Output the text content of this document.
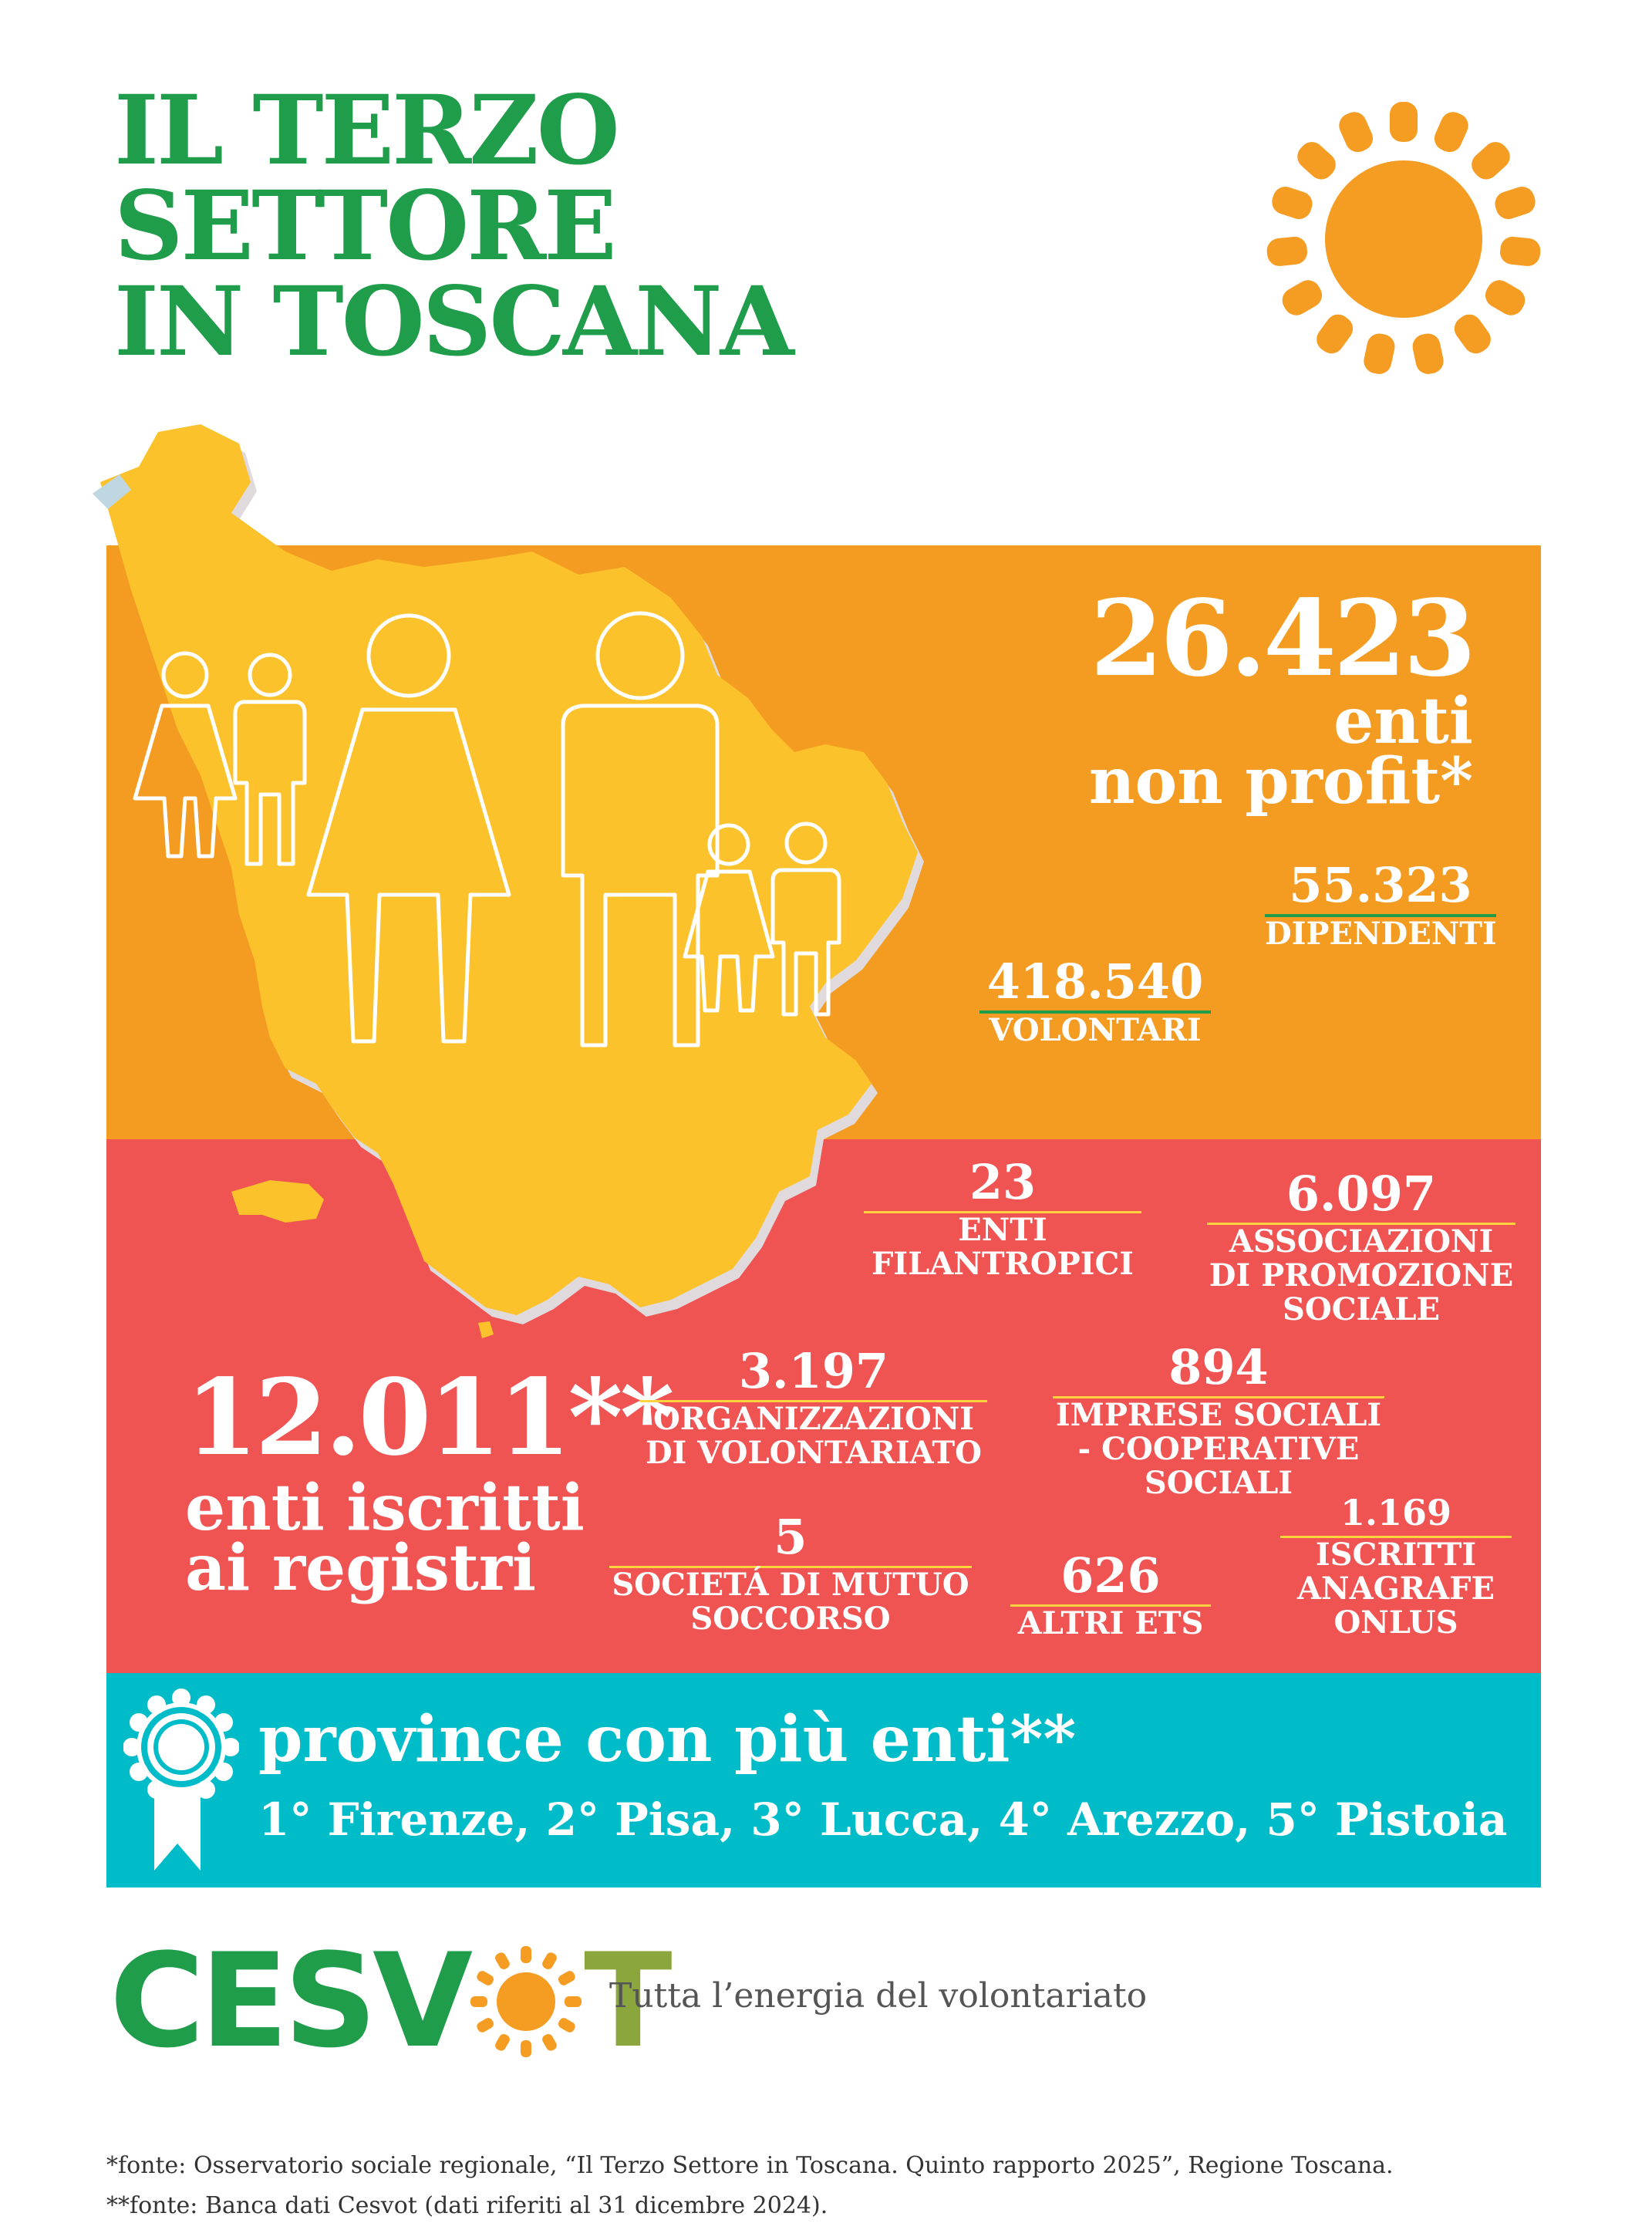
IL TERZO
SETTORE
IN TOSCANA
26.423
enti
non profit*
55.323
DIPENDENTI
418.540
VOLONTARI
12.011**
enti iscritti
ai registri
23
ENTI
FILANTROPICI
6.097
ASSOCIAZIONI
DI PROMOZIONE
SOCIALE
3.197
ORGANIZZAZIONI
DI VOLONTARIATO
894
IMPRESE SOCIALI
- COOPERATIVE
SOCIALI
5
SOCIETÁ DI MUTUO
SOCCORSO
626
ALTRI ETS
1.169
ISCRITTI
ANAGRAFE
ONLUS
province con più enti**
1° Firenze, 2° Pisa, 3° Lucca, 4° Arezzo, 5° Pistoia
CESV T
Tutta l’energia del volontariato
*fonte: Osservatorio sociale regionale, “Il Terzo Settore in Toscana. Quinto rapporto 2025”, Regione Toscana.
**fonte: Banca dati Cesvot (dati riferiti al 31 dicembre 2024).
